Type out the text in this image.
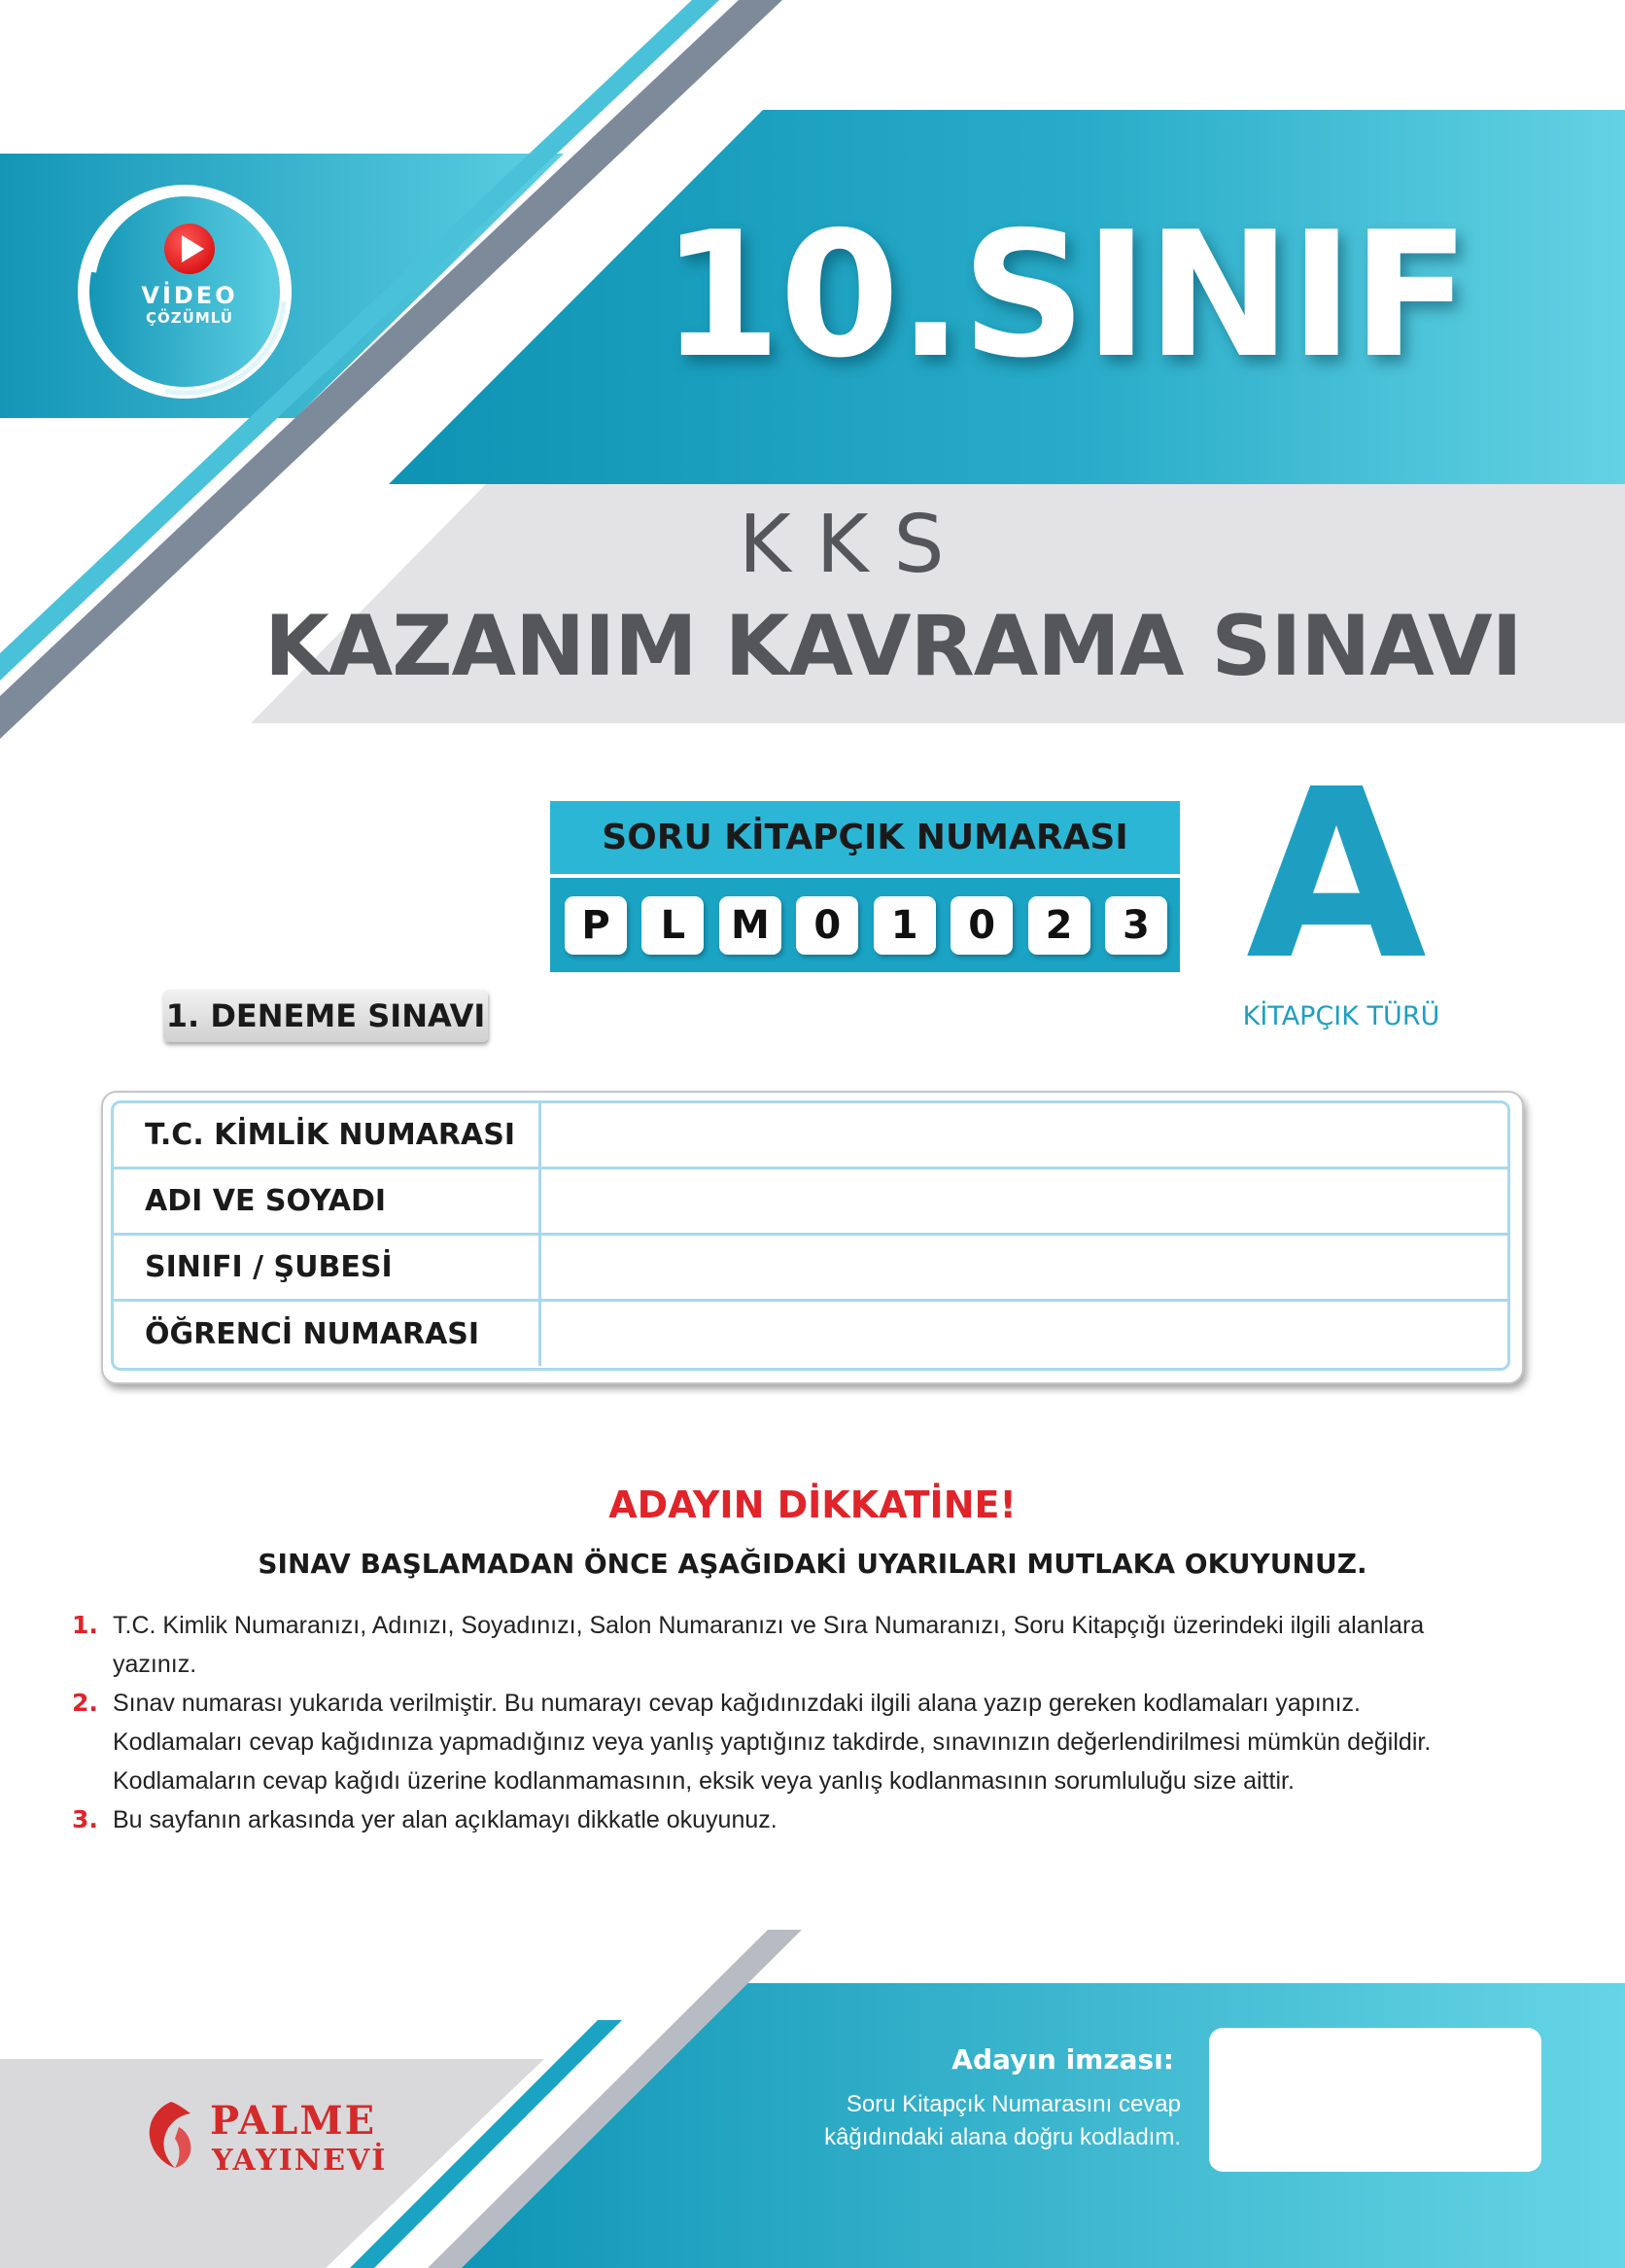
10.SINIF
VİDEO
ÇÖZÜMLÜ
KKS
KAZANIM KAVRAMA SINAVI
SORU KİTAPÇIK NUMARASI
P	L	M	0	1	0	2	3 A
KİTAPÇIK TÜRÜ
1. DENEME SINAVI
T.C. KİMLİK NUMARASI
ADI VE SOYADI
SINIFI / ŞUBESİ
ÖĞRENCİ NUMARASI
ADAYIN DİKKATİNE!
SINAV BAŞLAMADAN ÖNCE AŞAĞIDAKİ UYARILARI MUTLAKA OKUYUNUZ.
1. T.C. Kimlik Numaranızı, Adınızı, Soyadınızı, Salon Numaranızı ve Sıra Numaranızı, Soru Kitapçığı üzerindeki ilgili alanlara
yazınız.
2. Sınav numarası yukarıda verilmiştir. Bu numarayı cevap kağıdınızdaki ilgili alana yazıp gereken kodlamaları yapınız.
Kodlamaları cevap kağıdınıza yapmadığınız veya yanlış yaptığınız takdirde, sınavınızın değerlendirilmesi mümkün değildir.
Kodlamaların cevap kağıdı üzerine kodlanmamasının, eksik veya yanlış kodlanmasının sorumluluğu size aittir.
3. Bu sayfanın arkasında yer alan açıklamayı dikkatle okuyunuz.
Adayın imzası:
Soru Kitapçık Numarasını cevap
kâğıdındaki alana doğru kodladım.
PALME
YAYINEVİ
